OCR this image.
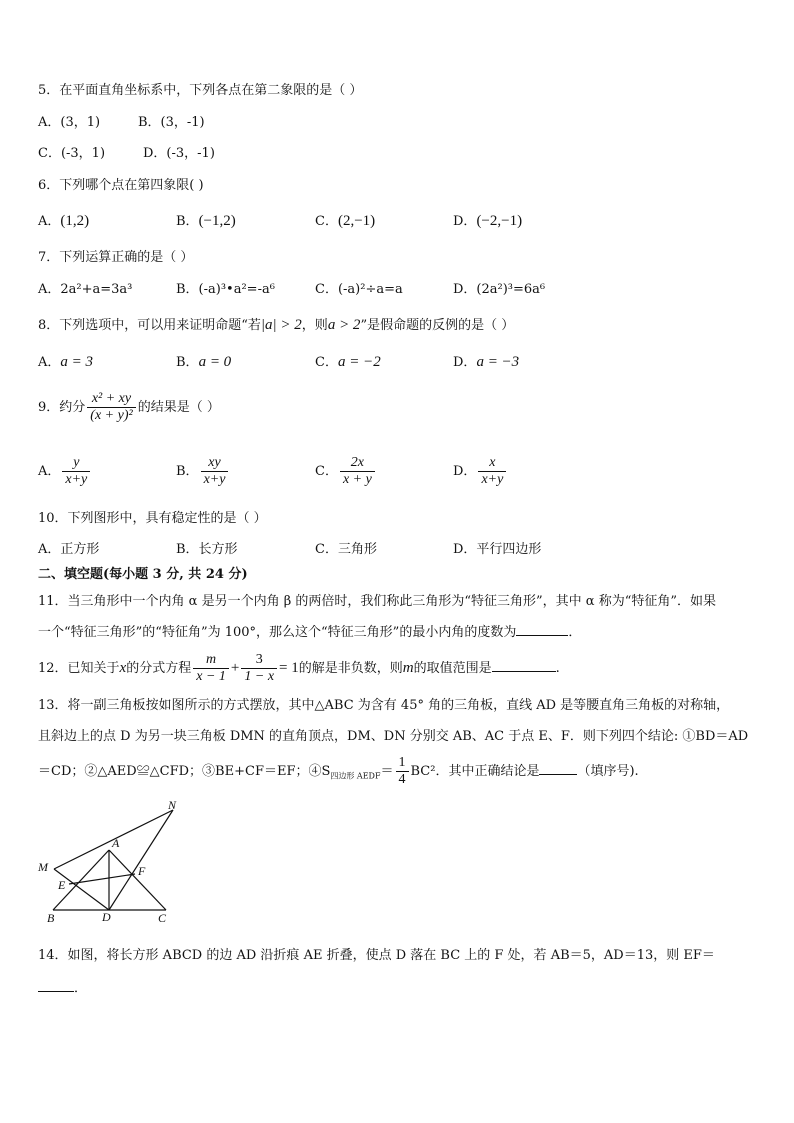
5．在平面直角坐标系中，下列各点在第二象限的是（ ）
A．(3，1)	B．(3，-1)
C．(-3，1)	D．(-3，-1)
6．下列哪个点在第四象限( )
A．(1,2)	B．(−1,2)	C．(2,−1)	D．(−2,−1)
7．下列运算正确的是（ ）
A．2a²+a=3a³	B．(-a)³•a²=-a⁶	C．(-a)²÷a=a	D．(2a²)³=6a⁶
8．下列选项中，可以用来证明命题“若|a| > 2，则a > 2”是假命题的反例的是（ ）
A．a = 3	B．a = 0	C．a = −2	D．a = −3
9．约分 $\frac{\text{x² + xy}}{\text{(x + y)²}}$ 的结果是（ ）
A． $\frac{y}{x+y}$	B． $\frac{xy}{x+y}$	C． $\frac{2x}{x + y}$	D． $\frac{x}{x+y}$
10．下列图形中，具有稳定性的是（ ）
A．正方形	B．长方形	C．三角形	D．平行四边形
二、填空题(每小题 3 分, 共 24 分)
11．当三角形中一个内角 α 是另一个内角 β 的两倍时，我们称此三角形为“特征三角形”，其中 α 称为“特征角”．如果
一个“特征三角形”的“特征角”为 100°，那么这个“特征三角形”的最小内角的度数为	．
12．已知关于x的分式方程 $\frac{m}{x - 1} + \frac{3}{1 - x} = 1$的解是非负数，则m的取值范围是	.
13．将一副三角板按如图所示的方式摆放，其中△ABC 为含有 45° 角的三角板，直线 AD 是等腰直角三角板的对称轴，
且斜边上的点 D 为另一块三角板 DMN 的直角顶点，DM、DN 分别交 AB、AC 于点 E、F．则下列四个结论: ①BD＝AD
＝CD；②△AED≌△CFD；③BE+CF＝EF；$④S_{四边形 AEDF}= \frac{1}{4} BC^2$．其中正确结论是	（填序号).
N
A
M	F
E
B	D	C
14．如图，将长方形 ABCD 的边 AD 沿折痕 AE 折叠，使点 D 落在 BC 上的 F 处，若 AB＝5，AD＝13，则 EF＝
．
